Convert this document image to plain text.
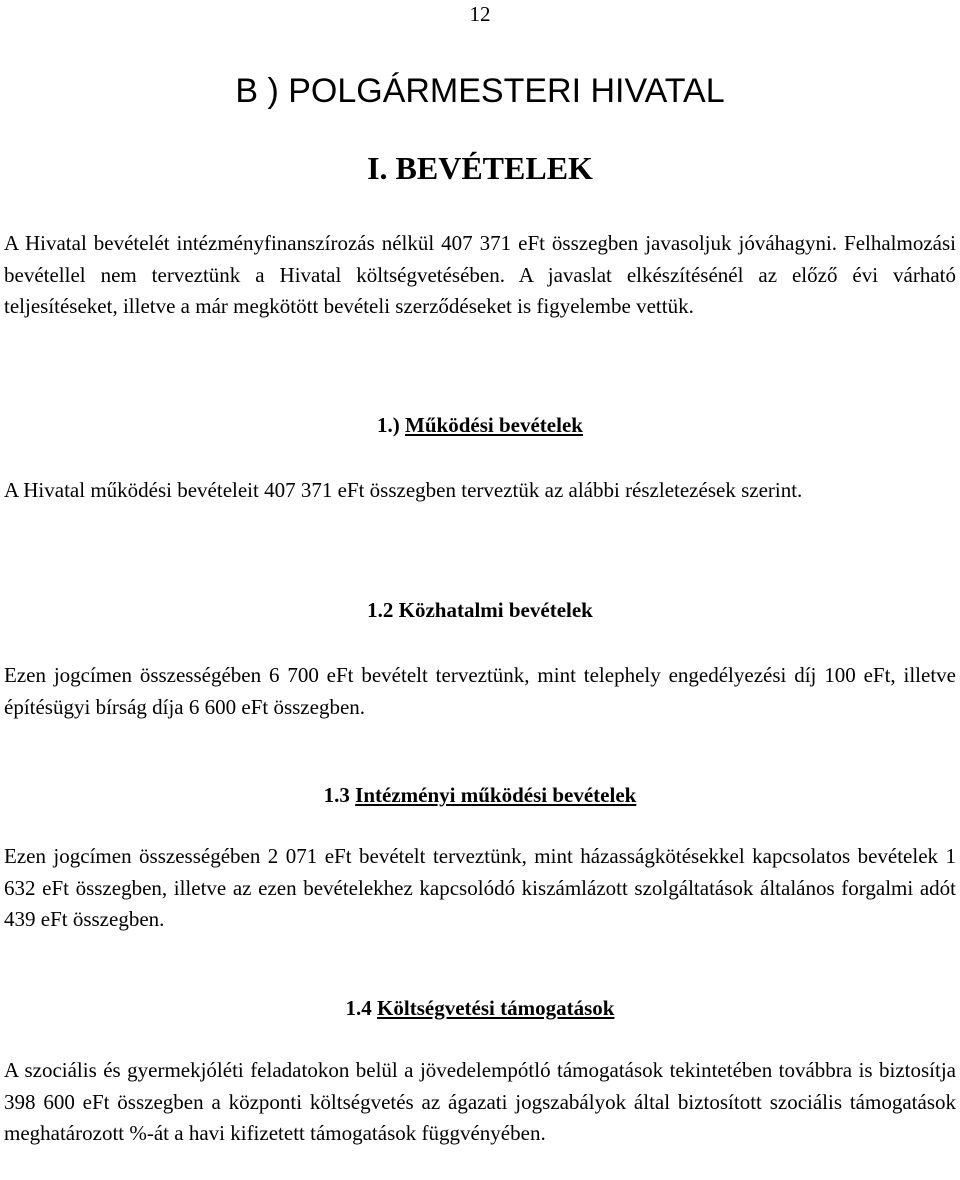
12
B ) POLGÁRMESTERI HIVATAL
I. BEVÉTELEK

A Hivatal bevételét intézményfinanszírozás nélkül 407 371 eFt összegben javasoljuk jóváhagyni. Felhalmozási bevétellel nem terveztünk a Hivatal költségvetésében. A javaslat elkészítésénél az előző évi várható teljesítéseket, illetve a már megkötött bevételi szerződéseket is figyelembe vettük.

1.) Működési bevételek

A Hivatal működési bevételeit 407 371 eFt összegben terveztük az alábbi részletezések szerint.

1.2 Közhatalmi bevételek

Ezen jogcímen összességében 6 700 eFt bevételt terveztünk, mint telephely engedélyezési díj 100 eFt, illetve építésügyi bírság díja 6 600 eFt összegben.

1.3 Intézményi működési bevételek

Ezen jogcímen összességében 2 071 eFt bevételt terveztünk, mint házasságkötésekkel kapcsolatos bevételek 1 632 eFt összegben, illetve az ezen bevételekhez kapcsolódó kiszámlázott szolgáltatások általános forgalmi adót 439 eFt összegben.

1.4 Költségvetési támogatások

A szociális és gyermekjóléti feladatokon belül a jövedelempótló támogatások tekintetében továbbra is biztosítja 398 600 eFt összegben a központi költségvetés az ágazati jogszabályok által biztosított szociális támogatások meghatározott %-át a havi kifizetett támogatások függvényében.
